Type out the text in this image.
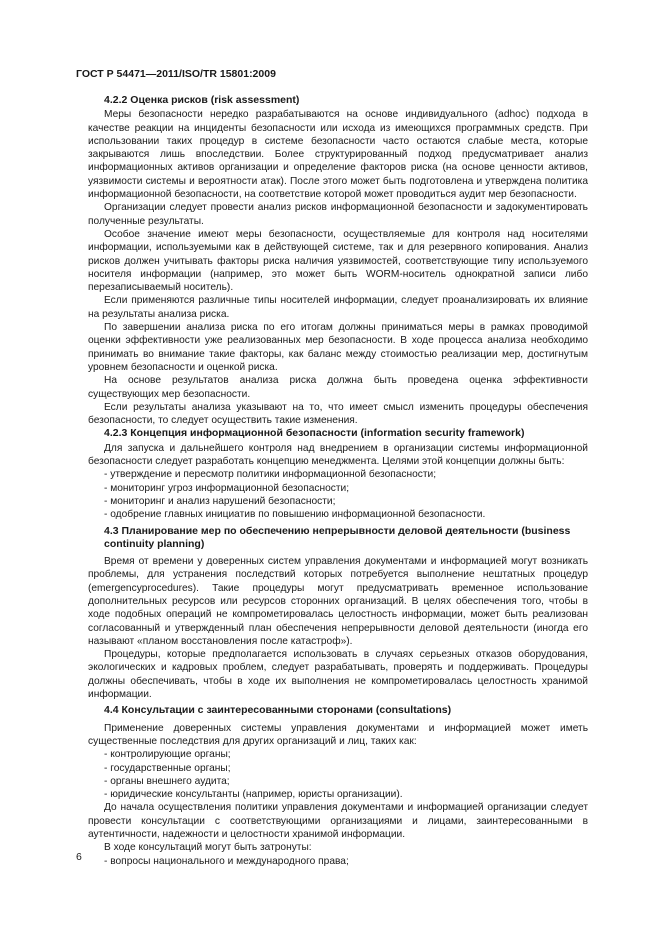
ГОСТ Р 54471—2011/ISO/TR 15801:2009
4.2.2 Оценка рисков (risk assessment)
Меры безопасности нередко разрабатываются на основе индивидуального (adhoc) подхода в качестве реакции на инциденты безопасности или исхода из имеющихся программных средств. При использовании таких процедур в системе безопасности часто остаются слабые места, которые закрываются лишь впоследствии. Более структурированный подход предусматривает анализ информационных активов организации и определение факторов риска (на основе ценности активов, уязвимости системы и вероятности атак). После этого может быть подготовлена и утверждена политика информационной безопасности, на соответствие которой может проводиться аудит мер безопасности.
Организации следует провести анализ рисков информационной безопасности и задокументировать полученные результаты.
Особое значение имеют меры безопасности, осуществляемые для контроля над носителями информации, используемыми как в действующей системе, так и для резервного копирования. Анализ рисков должен учитывать факторы риска наличия уязвимостей, соответствующие типу используемого носителя информации (например, это может быть WORM-носитель однократной записи либо перезаписываемый носитель).
Если применяются различные типы носителей информации, следует проанализировать их влияние на результаты анализа риска.
По завершении анализа риска по его итогам должны приниматься меры в рамках проводимой оценки эффективности уже реализованных мер безопасности. В ходе процесса анализа необходимо принимать во внимание такие факторы, как баланс между стоимостью реализации мер, достигнутым уровнем безопасности и оценкой риска.
На основе результатов анализа риска должна быть проведена оценка эффективности существующих мер безопасности.
Если результаты анализа указывают на то, что имеет смысл изменить процедуры обеспечения безопасности, то следует осуществить такие изменения.
4.2.3 Концепция информационной безопасности (information security framework)
Для запуска и дальнейшего контроля над внедрением в организации системы информационной безопасности следует разработать концепцию менеджмента. Целями этой концепции должны быть:
- утверждение и пересмотр политики информационной безопасности;
- мониторинг угроз информационной безопасности;
- мониторинг и анализ нарушений безопасности;
- одобрение главных инициатив по повышению информационной безопасности.
4.3 Планирование мер по обеспечению непрерывности деловой деятельности (business continuity planning)
Время от времени у доверенных систем управления документами и информацией могут возникать проблемы, для устранения последствий которых потребуется выполнение нештатных процедур (emergencyprocedures). Такие процедуры могут предусматривать временное использование дополнительных ресурсов или ресурсов сторонних организаций. В целях обеспечения того, чтобы в ходе подобных операций не компрометировалась целостность информации, может быть реализован согласованный и утвержденный план обеспечения непрерывности деловой деятельности (иногда его называют «планом восстановления после катастроф»).
Процедуры, которые предполагается использовать в случаях серьезных отказов оборудования, экологических и кадровых проблем, следует разрабатывать, проверять и поддерживать. Процедуры должны обеспечивать, чтобы в ходе их выполнения не компрометировалась целостность хранимой информации.
4.4 Консультации с заинтересованными сторонами (consultations)
Применение доверенных системы управления документами и информацией может иметь существенные последствия для других организаций и лиц, таких как:
- контролирующие органы;
- государственные органы;
- органы внешнего аудита;
- юридические консультанты (например, юристы организации).
До начала осуществления политики управления документами и информацией организации следует провести консультации с соответствующими организациями и лицами, заинтересованными в аутентичности, надежности и целостности хранимой информации.
В ходе консультаций могут быть затронуты:
- вопросы национального и международного права;
6
